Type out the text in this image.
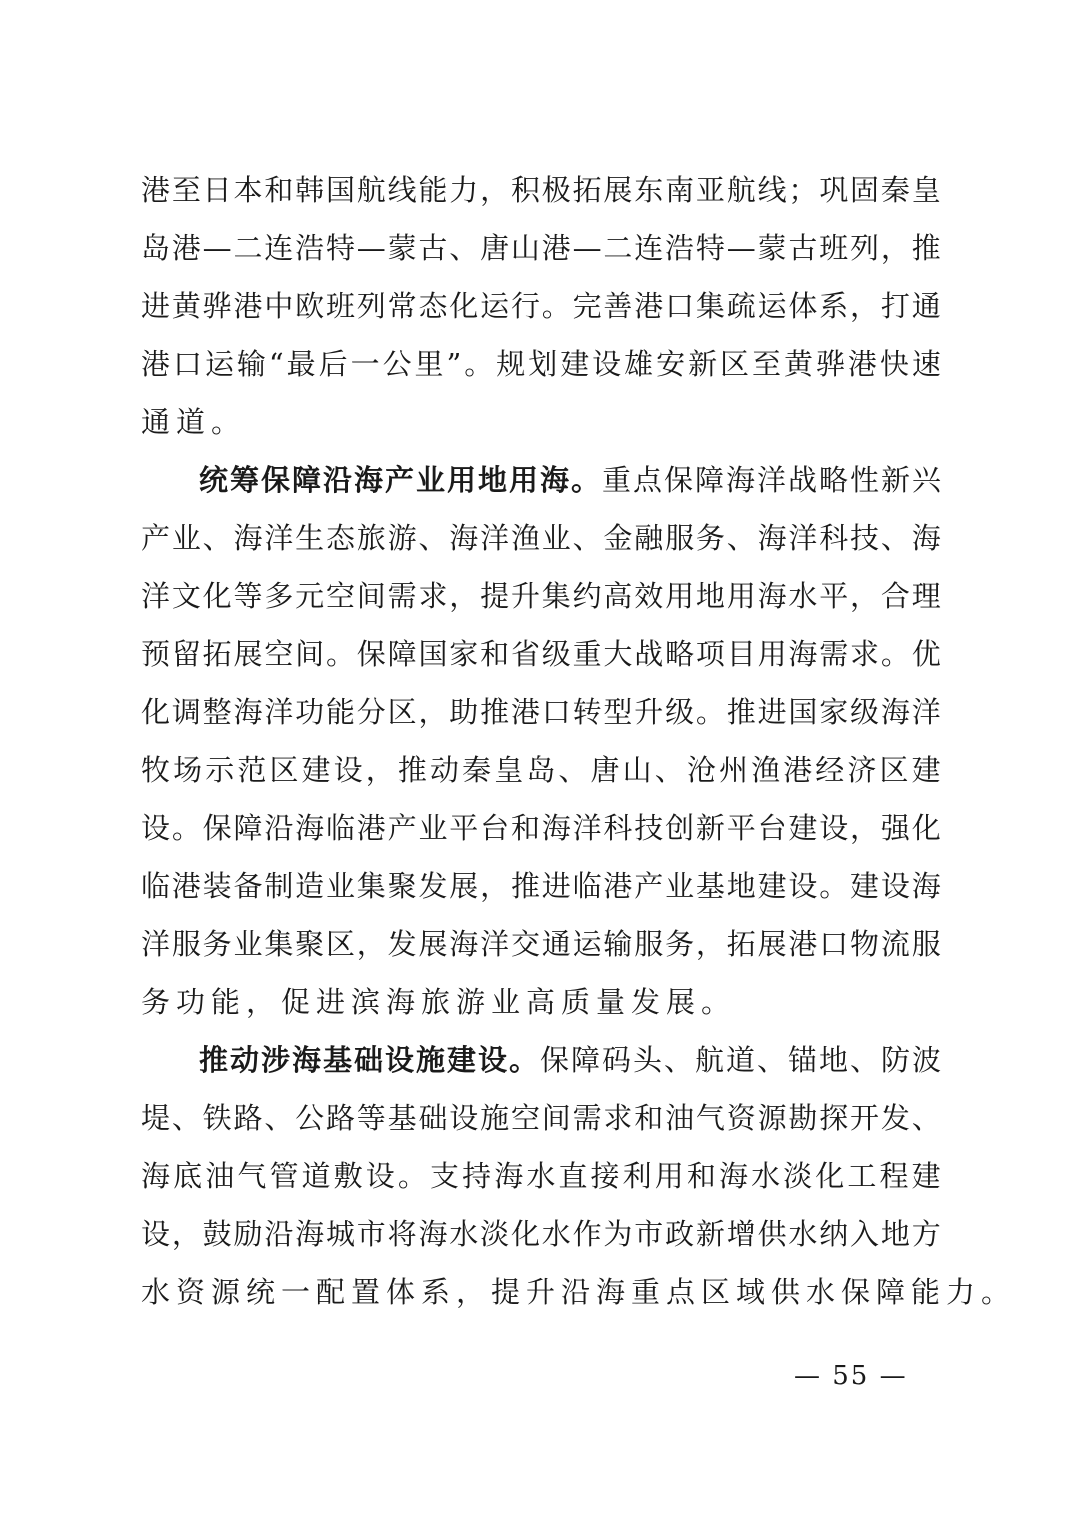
港 至 日 本 和 韩 国 航 线 能 力 ， 积 极 拓 展 东 南 亚 航 线 ； 巩 固 秦 皇
岛 港 — 二 连 浩 特 — 蒙 古 、 唐 山 港 — 二 连 浩 特 — 蒙 古 班 列 ， 推
进 黄 骅 港 中 欧 班 列 常 态 化 运 行 。 完 善 港 口 集 疏 运 体 系 ， 打 通
港 口 运 输 “ 最 后 一 公 里 ” 。 规 划 建 设 雄 安 新 区 至 黄 骅 港 快 速
通道。
统筹保障沿海产业用地用海。 重点保障海洋战略性新兴
产 业 、 海 洋 生 态 旅 游 、 海 洋 渔 业 、 金 融 服 务 、 海 洋 科 技 、 海
洋 文 化 等 多 元 空 间 需 求 ， 提 升 集 约 高 效 用 地 用 海 水 平 ， 合 理
预 留 拓 展 空 间 。 保 障 国 家 和 省 级 重 大 战 略 项 目 用 海 需 求 。 优
化 调 整 海 洋 功 能 分 区 ， 助 推 港 口 转 型 升 级 。 推 进 国 家 级 海 洋
牧 场 示 范 区 建 设 ， 推 动 秦 皇 岛 、 唐 山 、 沧 州 渔 港 经 济 区 建
设 。 保 障 沿 海 临 港 产 业 平 台 和 海 洋 科 技 创 新 平 台 建 设 ， 强 化
临 港 装 备 制 造 业 集 聚 发 展 ， 推 进 临 港 产 业 基 地 建 设 。 建 设 海
洋 服 务 业 集 聚 区 ， 发 展 海 洋 交 通 运 输 服 务 ， 拓 展 港 口 物 流 服
务功能，促进滨海旅游业高质量发展。
推动涉海基础设施建设。 保障码头、航道、锚地、防波
堤 、 铁 路 、 公 路 等 基 础 设 施 空 间 需 求 和 油 气 资 源 勘 探 开 发 、
海 底 油 气 管 道 敷 设 。 支 持 海 水 直 接 利 用 和 海 水 淡 化 工 程 建
设 ， 鼓 励 沿 海 城 市 将 海 水 淡 化 水 作 为 市 政 新 增 供 水 纳 入 地 方
水资源统一配置体系，提升沿海重点区域供水保障能力。
— 55 —
